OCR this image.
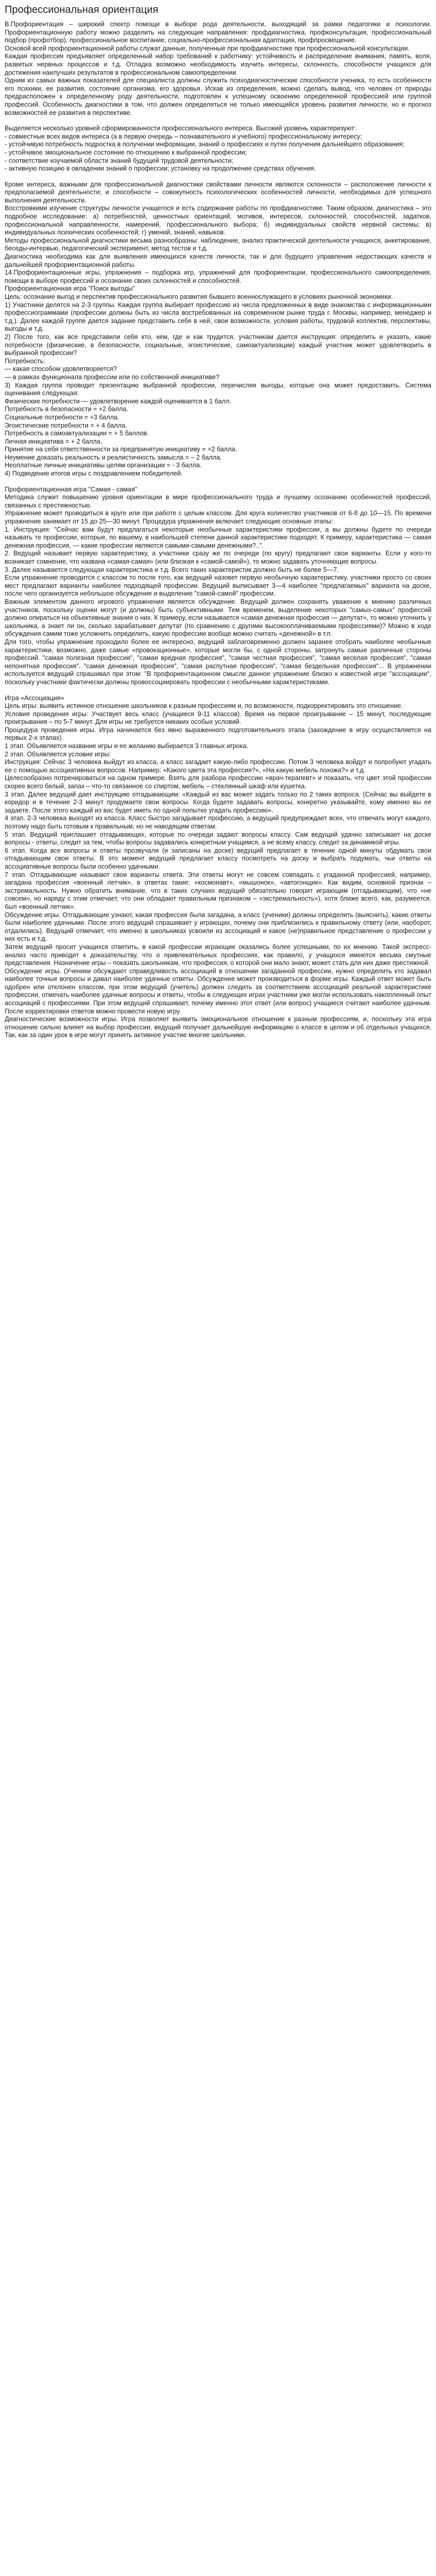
Профессиональная ориентация
В.Профориентация – широкий спектр помощи в выборе рода деятельности, выходящий за рамки педагогики и психологии. Профориентационную работу можно разделить на следующие направления: профдиагностика, профконсультация, профессиональный подбор (профотбор), профессиональное воспитание, социально-профессиональная адаптация, профпросвещение.
Основой всей профориентационной работы служат данные, полученные при профдиагностике при профессиональной консультации.
Каждая профессия предъявляет определенный набор требований к работнику: устойчивость и распределение внимания, память, воля, развитых нервных процессов и т.д. Отладка возможно необходимость изучить интересы, склонность, способности учащихся для достижения наилучших результатов в профессиональном самоопределении.
Одним из самых важных показателей для специалиста должны служить психодиагностические способности ученика, то есть особенности его психики, ее развития, состояние организма, его здоровья. Искав из определения, можно сделать вывод, что человек от природы предрасположен к определенному роду деятельности, подготовлен к успешному освоению определенной профессией или группой профессий. Особенность диагностики в том, что должен определяться не только имеющийся уровень развития личности, но и прогноз возможностей ее развития в перспективе.
Выделяется несколько уровней сформированности профессионального интереса. Высокий уровень характеризуют:
- совместные всех видов интереса (а в первую очередь – познавательного и учебного) профессиональному интересу;
- устойчивую потребность подростка в получении информации, знаний о профессиях и путях получения дальнейшего образования;
- устойчивое эмоциональное состояние по отношению к выбранной профессии;
- соответствие изучаемой области знаний будущей трудовой деятельности;
- активную позицию в овладении знаний о профессии; установку на продолжение средствах обучения.
Кроме интереса, важными для профессиональной диагностики свойствами личности являются склонности – расположение личности к предполагаемой деятельности; и способности – совокупность психологических особенностей личности, необходимых для успешного выполнения деятельности.
Восстровкими изучение структуры личности учащегося и есть содержание работы по профдиагностике. Таким образом, диагностика – это подробное исследование: а) потребностей, ценностных ориентаций, мотивов, интересов, склонностей, способностей, задатков, профессиональной направленности, намерений, профессионального выбора; б) индивидуальных свойств нервной системы; в) индивидуальных психических особенностей; г) умений, знаний, навыков.
Методы профессиональной диагностики весьма разнообразны: наблюдение, анализ практической деятельности учащихся, анкетирование, беседы-интервью, педагогический эксперимент, метод тестов и т.д.
Диагностика необходима как для выявления имеющихся качеств личности, так и для будущего управления недостающих качеств и дальнейшей профориентационной работы.
14.Профориентационные игры, упражнения – подборка игр, упражнений для профориентации, профессионального самоопределения, помощи в выборе профессий и осознание своих склонностей и способностей.
Профориентационная игра "Поиск выгоды"
Цель: осознание выгод и перспектив профессионального развития бывшего военнослужащего в условиях рыночной экономики.
1) Участники делятся на 2-3 группы. Каждая группа выбирает профессию из числа предложенных в виде знакомства с информационными профессиограммами (профессии должны быть из числа востребованных на современном рынке труда г. Москвы, например, менеджер и т.д.). Далее каждой группе дается задание представить себя в ней, свои возможности, условия работы, трудовой коллектив, перспективы, выгоды и т.д.
2) После того, как все представили себя кто, кем, где и как трудится, участникам дается инструкция: определить и указать, какие потребности (физические, в безопасности, социальные, эгоистические, самоактуализации) каждый участник может удовлетворить в выбранной профессии?
Потребность:
— какая способом удовлетворяется?
— в рамках функционала профессии или по собственной инициативе?
3) Каждая группа проводит презентацию выбранной профессии, перечисляя выгоды, которые она может предоставить. Система оценивания следующая:
Физические потребности — удовлетворение каждой оценивается в 1 балл.
Потребность в безопасности = +2 балла.
Социальные потребности = +3 балла.
Эгоистические потребности = + 4 балла.
Потребность в самоактуализации = + 5 баллов.
Личная инициатива = + 2 балла.
Принятие на себя ответственности за предпринятую инициативу = +2 балла.
Неумение доказать реальность и реалистичность замысла = – 2 балла.
Неоплатные личные инициативы целям организации = - 3 балла.
4) Подведение итогов игры с поздравлением победителей.
Профориентационная игра "Самая - самая"
Методика служит повышению уровня ориентации в мире профессионального труда и лучшему осознанию особенностей профессий, связанных с престижностью.
Упражнение может проводиться в круге или при работе с целым классом. Для круга количество участников от 6-8 до 10—15. По времени упражнение занимает от 15 до 25—30 минут. Процедура упражнения включает следующие основные этапы:
1. Инструкция: "Сейчас вам будут предлагаться некоторые необычные характеристики профессии, а вы должны будете по очереди называть те профессии, которые, по вашему, в наибольшей степени данной характеристике подходят. К примеру, характеристика — самая денежная профессия, — какие профессии являются самыми-самыми денежными?..".
2. Ведущий называет первую характеристику, а участники сразу же по очереди (по кругу) предлагают свои варианты. Если у кого-то возникает сомнение, что названа «самая-самая» (или близкая к «самой-самой»), то можно задавать уточняющие вопросы.
3. Далее называется следующая характеристика и т.д. Всего таких характеристик должно быть не более 5—7.
Если упражнение проводится с классом то после того, как ведущий назовет первую необычную характеристику, участники просто со своих мест предлагают варианты наиболее подходящей профессии. Ведущий выписывает 3—4 наиболее "предлагаемых" варианта на доске, после чего организуется небольшое обсуждение и выделение "самой-самой" профессии.
Важным элементом данного игрового упражнения является обсуждение. Ведущий должен сохранять уважение к мнению различных участников, поскольку оценки могут (и должны) быть субъективными. Тем временем, выделение некоторых "самых-самых" профессий должно опираться на объективные знания о них. К примеру, если называется «самая денежная профессия — депутат», то можно уточнить у школьника, а знает ли он, сколько зарабатывает депутат (по сравнению с другими высокооплачиваемыми профессиями)? Можно в ходе обсуждения самим тоже усложнить определить, какую профессию вообще можно считать «денежной» в т.п.
Для того, чтобы упражнение проходило более ее интересно, ведущий заблаговременно должен заранее отобрать наиболее необычные характеристики, возможно, даже самые «провокационные», которые могли бы, с одной стороны, затронуть самые различные стороны профессий. "самая полезная профессия", "самая вредная профессия", "самая честная профессия", "самая веселая профессия", "самая непонятная профессия". "самая денежная профессия", "самая распутная профессия", "самая бездельная профессия"... В упражнении используется ведущий спрашивал при этом: "В профориентационном смысле данное упражнение близко к известной игре "ассоциации", поскольку участники фактически должны провоcсоциировать профессии с необычными характеристиками.
Игра «Ассоциация»
Цель игры: выявить истинное отношение школьников к разным профессиям и, по возможности, подкорректировать это отношение.
Условия проведения игры: Участвует весь класс (учащиеся 9-11 классов). Время на первое проигрывание – 15 минут, последующие проигрывания – по 5-7 минут. Для игры не требуется никаких особых условий.
Процедура проведения игры. Игра начинается без явно выраженного подготовительного этапа (захождение в игру осуществляется на первых 2-х этапах).
1 этап. Объявляется название игры и ее желанию выбирается 3 главных игрока.
2 этап. Объявляется условие игры:
Инструкция: Сейчас 3 человека выйдут из класса, а класс загадает какую-либо профессию. Потом 3 человека войдут и попробуют угадать ее с помощью ассоциативных вопросов. Например: «Какого цвета эта профессия?», «На какую мебель похожа?» и т.д.
Целесообразно потренироваться на одном примере. Взять для разбора профессию «врач-терапевт» и показать, что цвет этой профессии скорее всего белый, запах – что-то связанное со спиртом, мебель – стеклянный шкаф или кушетка.
3 этап. Далее ведущий дает инструкцию отгадывающим: «Каждый из вас может задать только по 2 таких вопроса. (Сейчас вы выйдете в коридор и в течение 2-3 минут продумаете свои вопросы. Когда будете задавать вопросы, конкретно указывайте, кому именно вы ее задаете. После этого каждый из вас будет иметь по одной попытке угадать профессию».
4 этап. 2-3 человека выходят из класса. Класс быстро загадывает профессию, а ведущий предупреждает всех, что отвечать могут каждого, поэтому надо быть готовым к правильным, но не наводящим ответам.
5 этап. Ведущий приглашает отгадывающих, которые по очереди задают вопросы классу. Сам ведущий удачно записывает на доске вопросы - ответы, следит за тем, чтобы вопросы задавались конкретным учащимся, а не всему классу, следит за динамикой игры.
6 этап. Когда все вопросы и ответы прозвучали (и записаны на доске) ведущий предлагает в течение одной минуты обдумать свои отгадывающим свои ответы. В это момент ведущий предлагает классу посмотреть на доску и выбрать подумать, чьи ответы на ассоциативные вопросы были особенно удачными.
7 этап. Отгадывающие называют свои варианты ответа. Эти ответы могут не совсем совпадать с угаданной профессией, например, загадана профессия «военный летчик», в ответах такие: «космонавт», «мышонок», «автогонщик». Как видим, основной признак – экстремальность. Нужно обратить внимание, что в таких случаях ведущий обязательно говорит играющим (отгадывающим), что «не совсем», но наряду с этим отмечает, что они обладают правильным признаком – «экстремальность»), хотя ближе всего, как, разумеется, был «военный летчик».
Обсуждение игры. Отгадывающие узнают, какая профессия была загадана, а класс (ученики) должны определить (выяснить), какие ответы были наиболее удачными. После этого ведущий спрашивает у играющих, почему они приблизились к правильному ответу (или, наоборот, отдалились). Ведущий отмечает, что именно в школьниках усвоили из ассоциаций и какое (не)правильное представление о профессии у них есть и т.д.
Затем ведущий просит учащихся ответить, в какой профессии играющие оказались более успешными, по их мнению. Такой экспресс-анализ часто приводит к доказательству, что о привлекательных профессиях, как правило, у учащихся имеются весьма смутные представления. Назначение игры – показать школьникам, что профессия, о которой они мало знают, может стать для них даже престижной.
Обсуждение игры. (Ученики обсуждают справедливость ассоциаций в отношении загаданной профессии, нужно определить кто задавал наиболее точные вопросы и давал наиболее удачные ответы. Обсуждение может производиться в форме игры. Каждый ответ может быть одобрен или отклонен классом, при этом ведущий (учитель) должен следить за соответствием ассоциаций реальной характеристике профессии, отмечать наиболее удачные вопросы и ответы, чтобы в следующих играх участники уже могли использовать накопленный опыт ассоциаций с профессиями. При этом ведущий спрашивает, почему именно этот ответ (или вопрос) учащиеся считают наиболее удачным. После корректировки ответов можно провести новую игру.
Диагностические возможности игры. Игра позволяет выявить эмоциональное отношение к разным профессиям, и, поскольку эта игра отношение сильно влияет на выбор профессии, ведущий получает дальнейшую информацию о классе в целом и об отдельных учащихся. Так, как за один урок в игре могут принять активное участие многие школьники.
